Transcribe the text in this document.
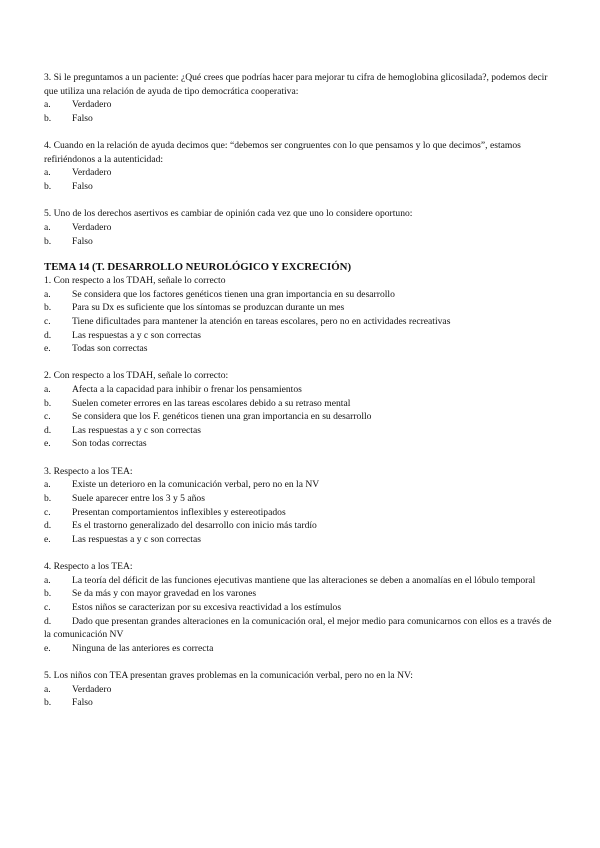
3. Si le preguntamos a un paciente: ¿Qué crees que podrías hacer para mejorar tu cifra de hemoglobina glicosilada?, podemos decir que utiliza una relación de ayuda de tipo democrática cooperativa:

a.	Verdadero
b.	Falso

4. Cuando en la relación de ayuda decimos que: “debemos ser congruentes con lo que pensamos y lo que decimos”, estamos refiriéndonos a la autenticidad:

a.	Verdadero
b.	Falso

5. Uno de los derechos asertivos es cambiar de opinión cada vez que uno lo considere oportuno:

a.	Verdadero
b.	Falso
TEMA 14 (T. DESARROLLO NEUROLÓGICO Y EXCRECIÓN)

1. Con respecto a los TDAH, señale lo correcto

a.	Se considera que los factores genéticos tienen una gran importancia en su desarrollo
b.	Para su Dx es suficiente que los síntomas se produzcan durante un mes
c.	Tiene dificultades para mantener la atención en tareas escolares, pero no en actividades recreativas
d.	Las respuestas a y c son correctas
e.	Todas son correctas

2. Con respecto a los TDAH, señale lo correcto:

a.	Afecta a la capacidad para inhibir o frenar los pensamientos
b.	Suelen cometer errores en las tareas escolares debido a su retraso mental
c.	Se considera que los F. genéticos tienen una gran importancia en su desarrollo
d.	Las respuestas a y c son correctas
e.	Son todas correctas

3. Respecto a los TEA:

a.	Existe un deterioro en la comunicación verbal, pero no en la NV
b.	Suele aparecer entre los 3 y 5 años
c.	Presentan comportamientos inflexibles y estereotipados
d.	Es el trastorno generalizado del desarrollo con inicio más tardío
e.	Las respuestas a y c son correctas

4. Respecto a los TEA:

a. La teoría del déficit de las funciones ejecutivas mantiene que las alteraciones se deben a anomalías en el lóbulo temporal
b.	Se da más y con mayor gravedad en los varones
c.	Estos niños se caracterizan por su excesiva reactividad a los estímulos
d. Dado que presentan grandes alteraciones en la comunicación oral, el mejor medio para comunicarnos con ellos es a través de la comunicación NV
e.	Ninguna de las anteriores es correcta

5. Los niños con TEA presentan graves problemas en la comunicación verbal, pero no en la NV:

a.	Verdadero
b.	Falso
